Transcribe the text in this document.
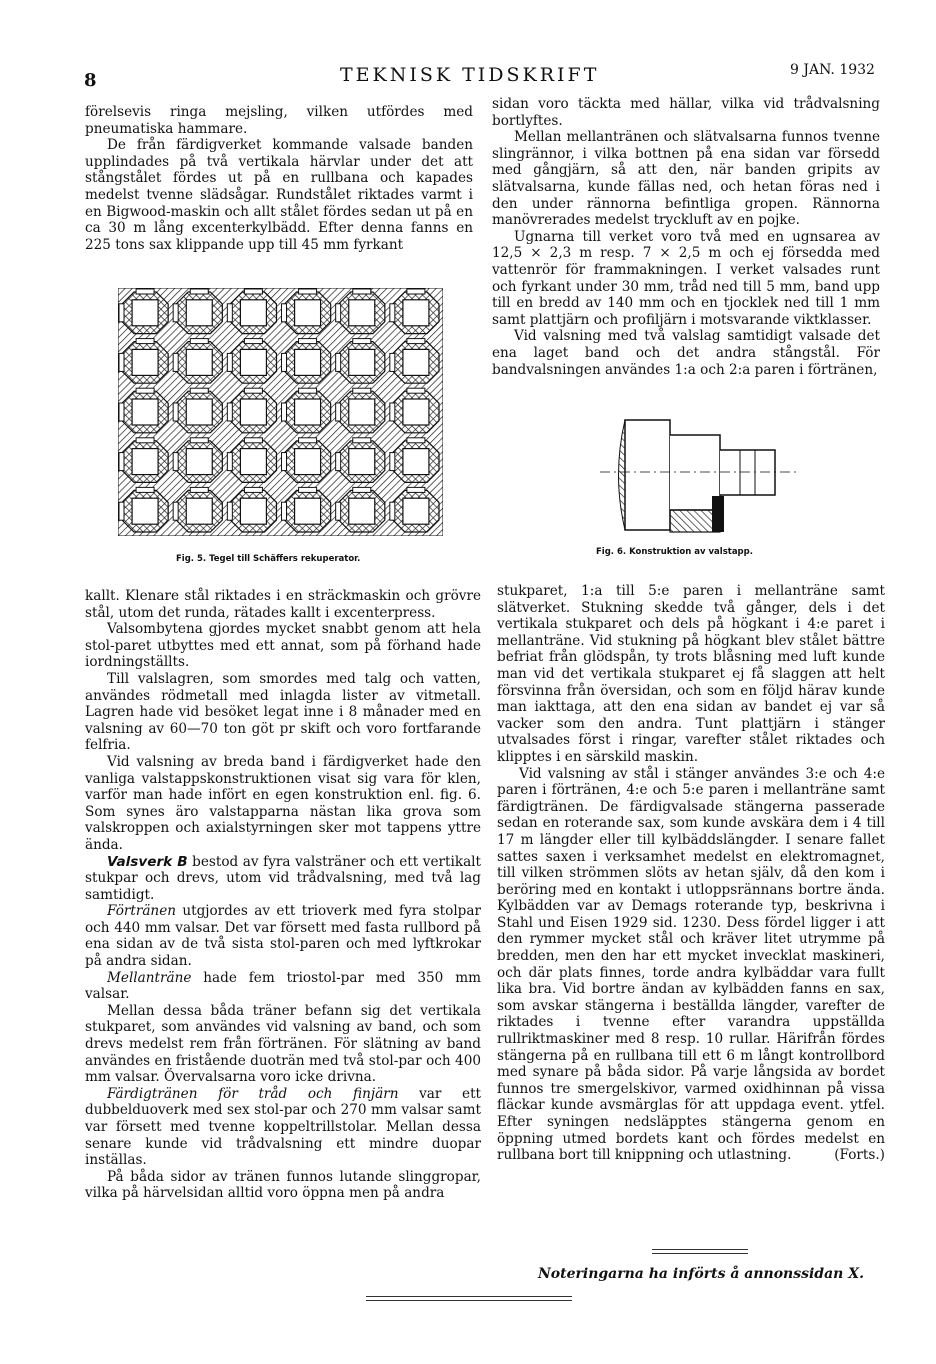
8	TEKNISK TIDSKRIFT	9 JAN. 1932

förelsevis ringa mejsling, vilken utfördes med pneumatiska hammare.

De från färdigverket kommande valsade banden upplindades på två vertikala härvlar under det att stångstålet fördes ut på en rullbana och kapades medelst tvenne slädsågar. Rundstålet riktades varmt i en Bigwood-maskin och allt stålet fördes sedan ut på en ca 30 m lång excenterkylbädd. Efter denna fanns en 225 tons sax klippande upp till 45 mm fyrkant

sidan voro täckta med hällar, vilka vid trådvalsning bortlyftes.

Mellan mellantränen och slätvalsarna funnos tvenne slingrännor, i vilka bottnen på ena sidan var försedd med gångjärn, så att den, när banden gripits av slätvalsarna, kunde fällas ned, och hetan föras ned i den under rännorna befintliga gropen. Rännorna manövrerades medelst tryckluft av en pojke.

Ugnarna till verket voro två med en ugnsarea av 12,5 × 2,3 m resp. 7 × 2,5 m och ej försedda med vattenrör för frammakningen. I verket valsades runt och fyrkant under 30 mm, tråd ned till 5 mm, band upp till en bredd av 140 mm och en tjocklek ned till 1 mm samt plattjärn och profiljärn i motsvarande viktklasser.

Vid valsning med två valslag samtidigt valsade det ena laget band och det andra stångstål. För bandvalsningen användes 1:a och 2:a paren i förtränen,

Fig. 5. Tegel till Schäffers rekuperator.
Fig. 6. Konstruktion av valstapp.

kallt. Klenare stål riktades i en sträckmaskin och grövre stål, utom det runda, rätades kallt i excenterpress.

Valsombytena gjordes mycket snabbt genom att hela stol-paret utbyttes med ett annat, som på förhand hade iordningställts.

Till valslagren, som smordes med talg och vatten, användes rödmetall med inlagda lister av vitmetall. Lagren hade vid besöket legat inne i 8 månader med en valsning av 60—70 ton göt pr skift och voro fortfarande felfria.

Vid valsning av breda band i färdigverket hade den vanliga valstappskonstruktionen visat sig vara för klen, varför man hade infört en egen konstruktion enl. fig. 6. Som synes äro valstapparna nästan lika grova som valskroppen och axialstyrningen sker mot tappens yttre ända.

Valsverk B bestod av fyra valsträner och ett vertikalt stukpar och drevs, utom vid trådvalsning, med två lag samtidigt.

Förtränen utgjordes av ett trioverk med fyra stolpar och 440 mm valsar. Det var försett med fasta rullbord på ena sidan av de två sista stol-paren och med lyftkrokar på andra sidan.

Mellanträne hade fem triostol-par med 350 mm valsar.

Mellan dessa båda träner befann sig det vertikala stukparet, som användes vid valsning av band, och som drevs medelst rem från förtränen. För slätning av band användes en fristående duoträn med två stol-par och 400 mm valsar. Övervalsarna voro icke drivna.

Färdigtränen för tråd och finjärn var ett dubbelduoverk med sex stol-par och 270 mm valsar samt var försett med tvenne koppeltrillstolar. Mellan dessa senare kunde vid trådvalsning ett mindre duopar inställas.

På båda sidor av tränen funnos lutande slinggropar, vilka på härvelsidan alltid voro öppna men på andra

stukparet, 1:a till 5:e paren i mellanträne samt slätverket. Stukning skedde två gånger, dels i det vertikala stukparet och dels på högkant i 4:e paret i mellanträne. Vid stukning på högkant blev stålet bättre befriat från glödspån, ty trots blåsning med luft kunde man vid det vertikala stukparet ej få slaggen att helt försvinna från översidan, och som en följd härav kunde man iakttaga, att den ena sidan av bandet ej var så vacker som den andra. Tunt plattjärn i stänger utvalsades först i ringar, varefter stålet riktades och klipptes i en särskild maskin.

Vid valsning av stål i stänger användes 3:e och 4:e paren i förtränen, 4:e och 5:e paren i mellanträne samt färdigtränen. De färdigvalsade stängerna passerade sedan en roterande sax, som kunde avskära dem i 4 till 17 m längder eller till kylbäddslängder. I senare fallet sattes saxen i verksamhet medelst en elektromagnet, till vilken strömmen slöts av hetan själv, då den kom i beröring med en kontakt i utloppsrännans bortre ända. Kylbädden var av Demags roterande typ, beskrivna i Stahl und Eisen 1929 sid. 1230. Dess fördel ligger i att den rymmer mycket stål och kräver litet utrymme på bredden, men den har ett mycket invecklat maskineri, och där plats finnes, torde andra kylbäddar vara fullt lika bra. Vid bortre ändan av kylbädden fanns en sax, som avskar stängerna i beställda längder, varefter de riktades i tvenne efter varandra uppställda rullriktmaskiner med 8 resp. 10 rullar. Härifrån fördes stängerna på en rullbana till ett 6 m långt kontrollbord med synare på båda sidor. På varje långsida av bordet funnos tre smergelskivor, varmed oxidhinnan på vissa fläckar kunde avsmärglas för att uppdaga event. ytfel. Efter syningen nedsläpptes stängerna genom en öppning utmed bordets kant och fördes medelst en rullbana bort till knippning och utlastning.	(Forts.)

Noteringarna ha införts å annonssidan X.
